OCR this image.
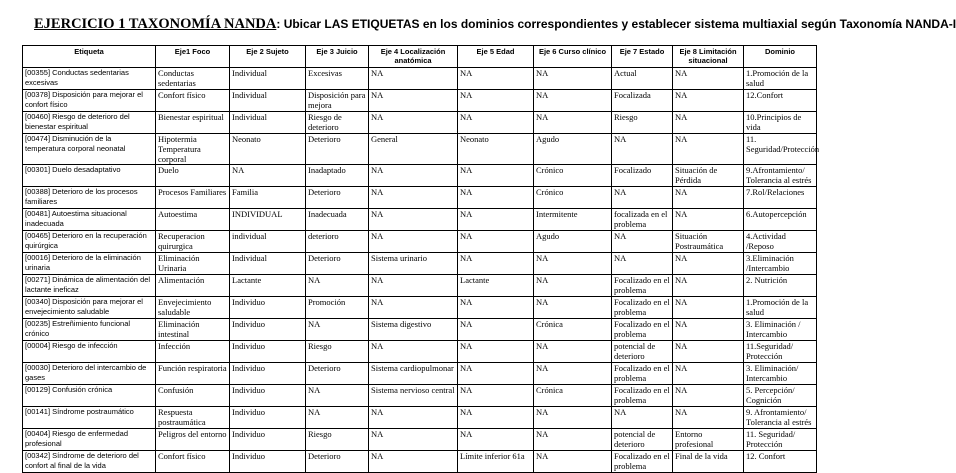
EJERCICIO 1 TAXONOMÍA NANDA: Ubicar LAS ETIQUETAS en los dominios correspondientes y establecer sistema multiaxial según Taxonomía NANDA-I
Etiqueta	Eje1 Foco	Eje 2 Sujeto	Eje 3 Juicio	Eje 4 Localización anatómica	Eje 5 Edad	Eje 6 Curso clínico	Eje 7 Estado	Eje 8 Limitación situacional	Dominio
[00355] Conductas sedentarias excesivas	Conductas sedentarias	Individual	Excesivas	NA	NA	NA	Actual	NA	1.Promoción de la salud
[00378] Disposición para mejorar el confort físico	Confort físico	Individual	Disposición para mejora	NA	NA	NA	Focalizada	NA	12.Confort
[00460] Riesgo de deterioro del bienestar espiritual	Bienestar espiritual	Individual	Riesgo de deterioro	NA	NA	NA	Riesgo	NA	10.Principios de vida
[00474] Disminución de la temperatura corporal neonatal	Hipotermia Temperatura corporal	Neonato	Deterioro	General	Neonato	Agudo	NA	NA	11. Seguridad/Protección
[00301] Duelo desadaptativo	Duelo	NA	Inadaptado	NA	NA	Crónico	Focalizado	Situación de Pérdida	9.Afrontamiento/ Tolerancia al estrés
[00388] Deterioro de los procesos familiares	Procesos Familiares	Familia	Deterioro	NA	NA	Crónico	NA	NA	7.Rol/Relaciones
[00481] Autoestima situacional inadecuada	Autoestima	INDIVIDUAL	Inadecuada	NA	NA	Intermitente	focalizada en el problema	NA	6.Autopercepción
[00465] Deterioro en la recuperación quirúrgica	Recuperacion quirurgica	individual	deterioro	NA	NA	Agudo	NA	Situación Postraumática	4.Actividad /Reposo
[00016] Deterioro de la eliminación urinaria	Eliminación Urinaria	Individual	Deterioro	Sistema urinario	NA	NA	NA	NA	3.Eliminación /Intercambio
[00271] Dinámica de alimentación del lactante ineficaz	Alimentación	Lactante	NA	NA	Lactante	NA	Focalizado en el problema	NA	2. Nutrición
[00340] Disposición para mejorar el envejecimiento saludable	Envejecimiento saludable	Individuo	Promoción	NA	NA	NA	Focalizado en el problema	NA	1.Promoción de la salud
[00235] Estreñimiento funcional crónico	Eliminación intestinal	Individuo	NA	Sistema digestivo	NA	Crónica	Focalizado en el problema	NA	3. Eliminación / Intercambio
[00004] Riesgo de infección	Infección	Individuo	Riesgo	NA	NA	NA	potencial de deterioro	NA	11.Seguridad/ Protección
[00030] Deterioro del intercambio de gases	Función respiratoria	Individuo	Deterioro	Sistema cardiopulmonar	NA	NA	Focalizado en el problema	NA	3. Eliminación/ Intercambio
[00129] Confusión crónica	Confusión	Individuo	NA	Sistema nervioso central	NA	Crónica	Focalizado en el problema	NA	5. Percepción/ Cognición
[00141] Síndrome postraumático	Respuesta postraumática	Individuo	NA	NA	NA	NA	NA	NA	9. Afrontamiento/ Tolerancia al estrés
[00404] Riesgo de enfermedad profesional	Peligros del entorno	Individuo	Riesgo	NA	NA	NA	potencial de deterioro	Entorno profesional	11. Seguridad/ Protección
[00342] Síndrome de deterioro del confort al final de la vida	Confort físico	Individuo	Deterioro	NA	Límite inferior 61a	NA	Focalizado en el problema	Final de la vida	12. Confort
